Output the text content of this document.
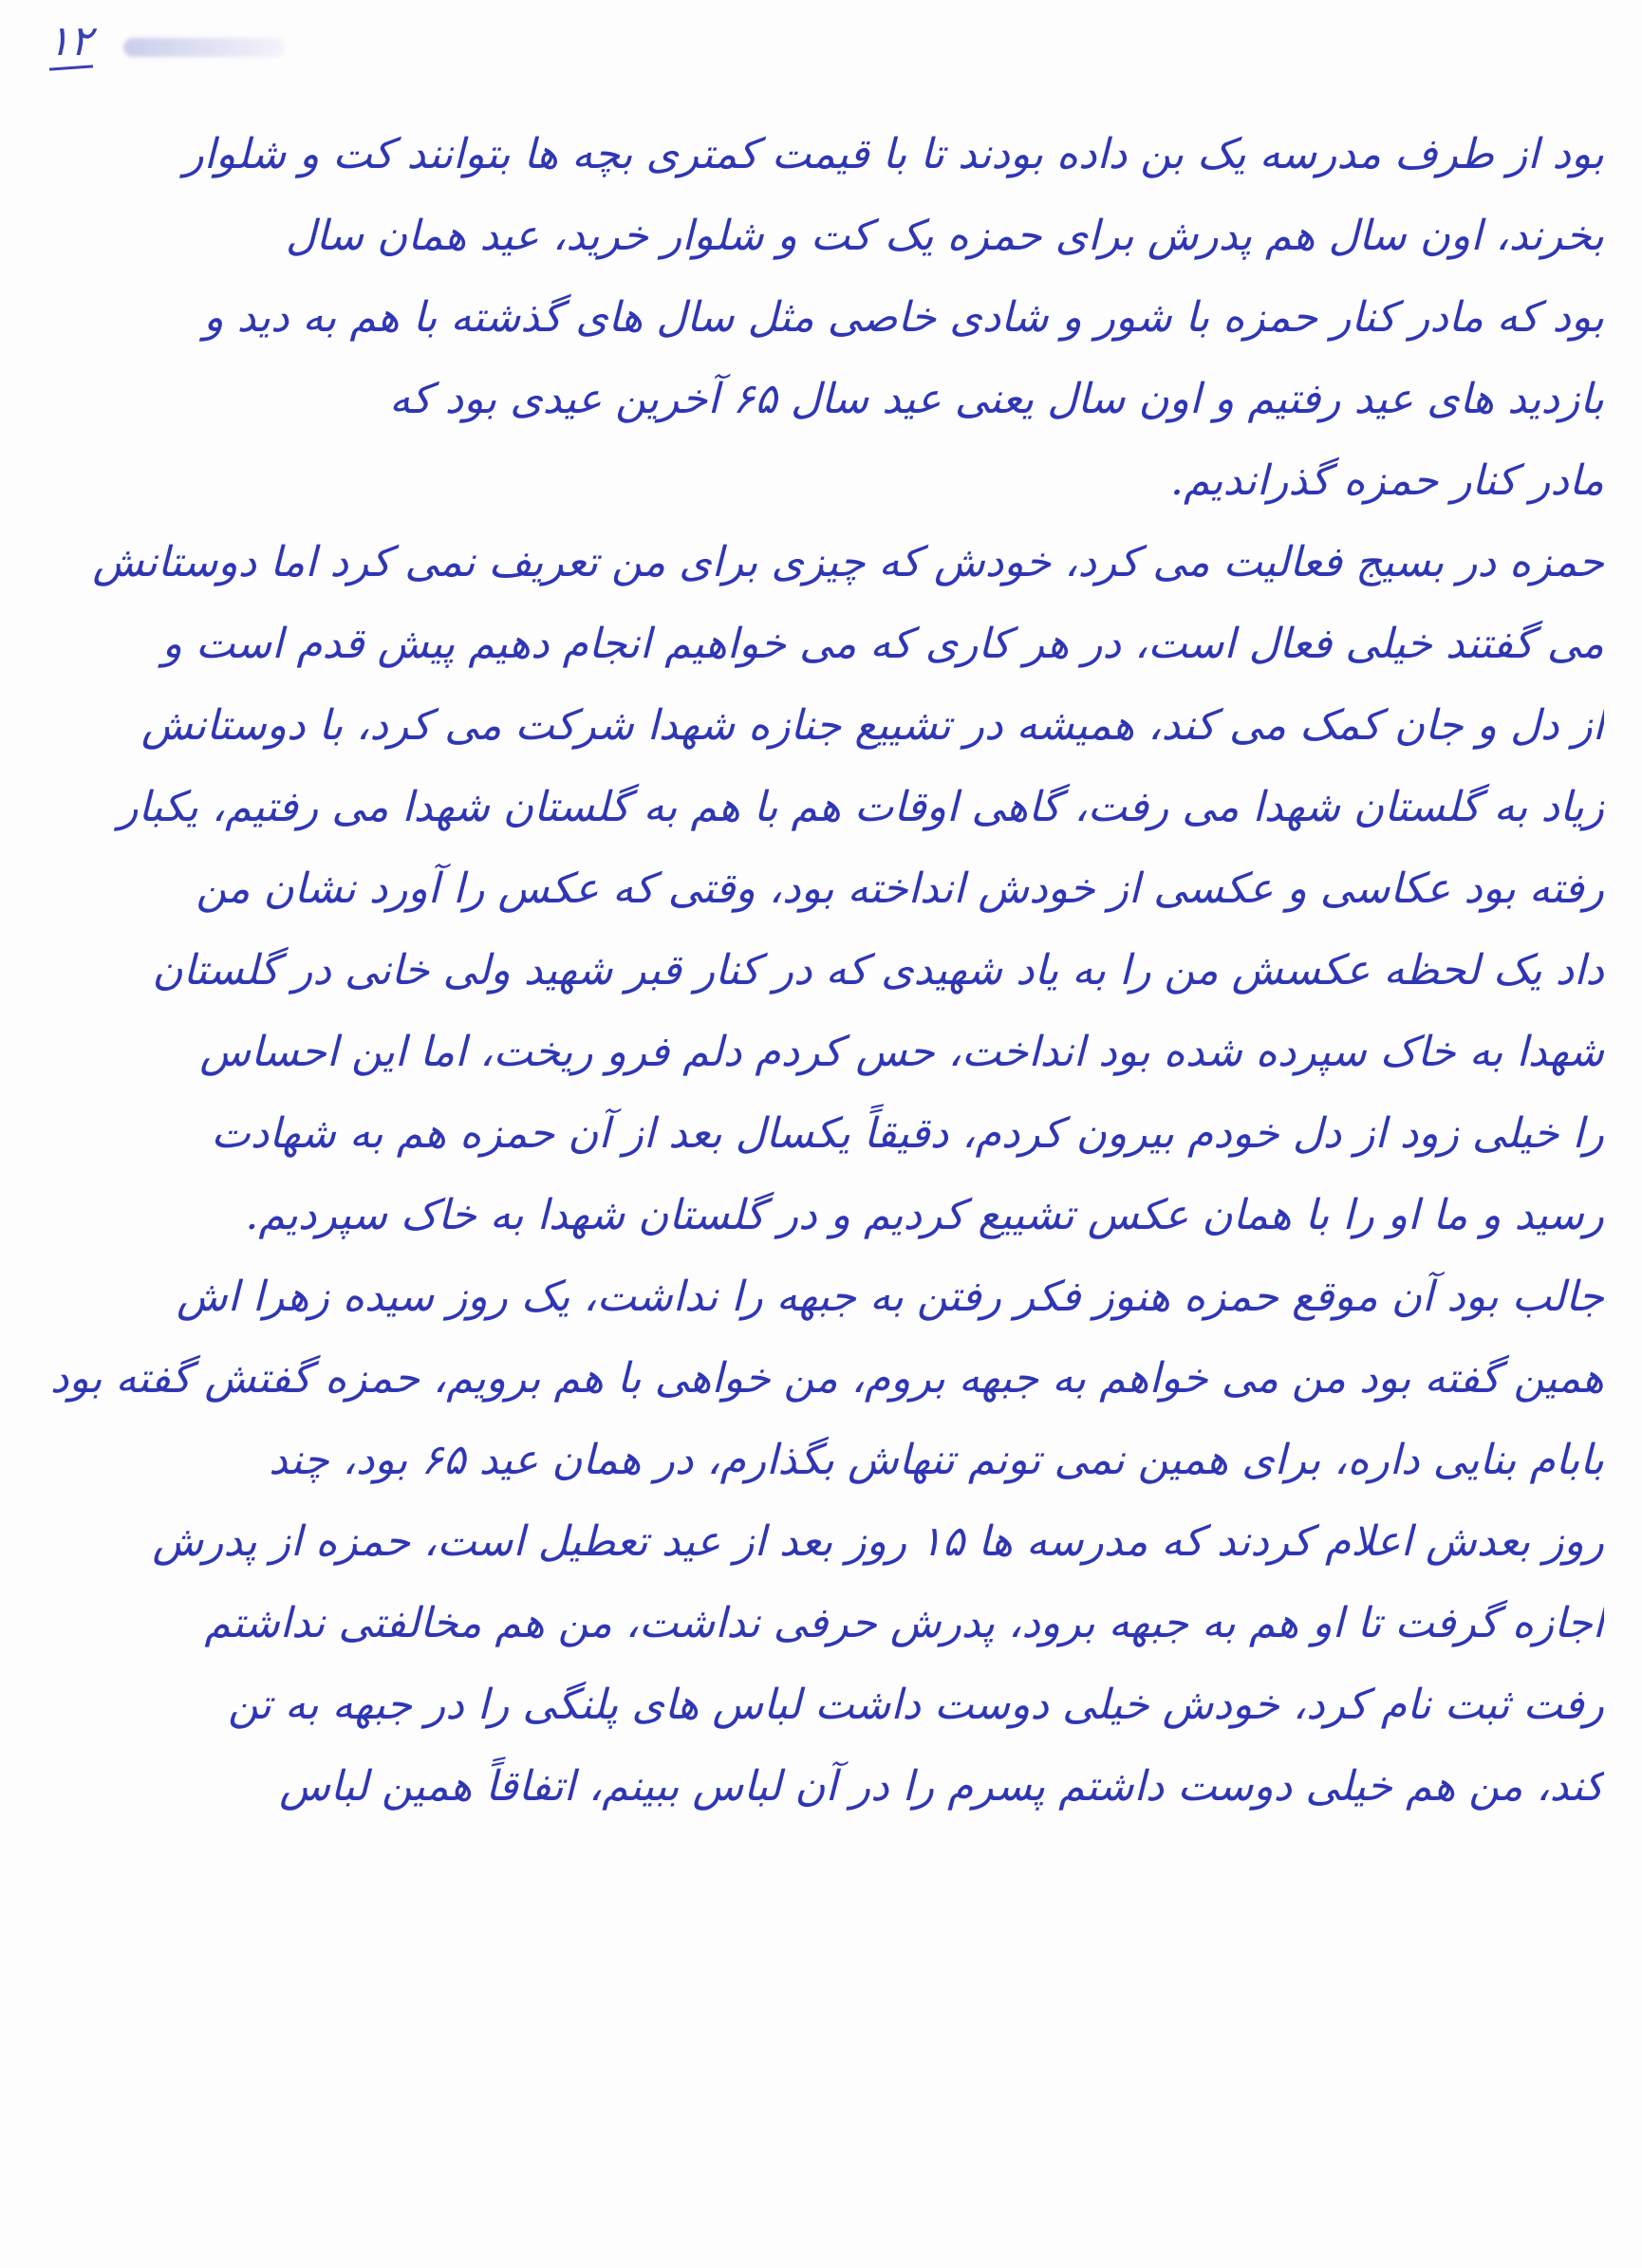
۱۲
بود از طرف مدرسه یک بن داده بودند تا با قیمت کمتری بچه ها بتوانند کت و شلوار
بخرند، اون سال هم پدرش برای حمزه یک کت و شلوار خرید، عید همان سال
بود که مادر کنار حمزه با شور و شادی خاصی مثل سال های گذشته با هم به دید و
بازدید های عید رفتیم و اون سال یعنی عید سال ۶۵ آخرین عیدی بود که
مادر کنار حمزه گذراندیم.
حمزه در بسیج فعالیت می کرد، خودش که چیزی برای من تعریف نمی کرد اما دوستانش
می گفتند خیلی فعال است، در هر کاری که می خواهیم انجام دهیم پیش قدم است و
از دل و جان کمک می کند، همیشه در تشییع جنازه شهدا شرکت می کرد، با دوستانش
زیاد به گلستان شهدا می رفت، گاهی اوقات هم با هم به گلستان شهدا می رفتیم، یکبار
رفته بود عکاسی و عکسی از خودش انداخته بود، وقتی که عکس را آورد نشان من
داد یک لحظه عکسش من را به یاد شهیدی که در کنار قبر شهید ولی خانی در گلستان
شهدا به خاک سپرده شده بود انداخت، حس کردم دلم فرو ریخت، اما این احساس
را خیلی زود از دل خودم بیرون کردم، دقیقاً یکسال بعد از آن حمزه هم به شهادت
رسید و ما او را با همان عکس تشییع کردیم و در گلستان شهدا به خاک سپردیم.
جالب بود آن موقع حمزه هنوز فکر رفتن به جبهه را نداشت، یک روز سیده زهرا اش
همین گفته بود من می خواهم به جبهه بروم، من خواهی با هم برویم، حمزه گفتش گفته بود
بابام بنایی داره، برای همین نمی تونم تنهاش بگذارم، در همان عید ۶۵ بود، چند
روز بعدش اعلام کردند که مدرسه ها ۱۵ روز بعد از عید تعطیل است، حمزه از پدرش
اجازه گرفت تا او هم به جبهه برود، پدرش حرفی نداشت، من هم مخالفتی نداشتم
رفت ثبت نام کرد، خودش خیلی دوست داشت لباس های پلنگی را در جبهه به تن
کند، من هم خیلی دوست داشتم پسرم را در آن لباس ببینم، اتفاقاً همین لباس
